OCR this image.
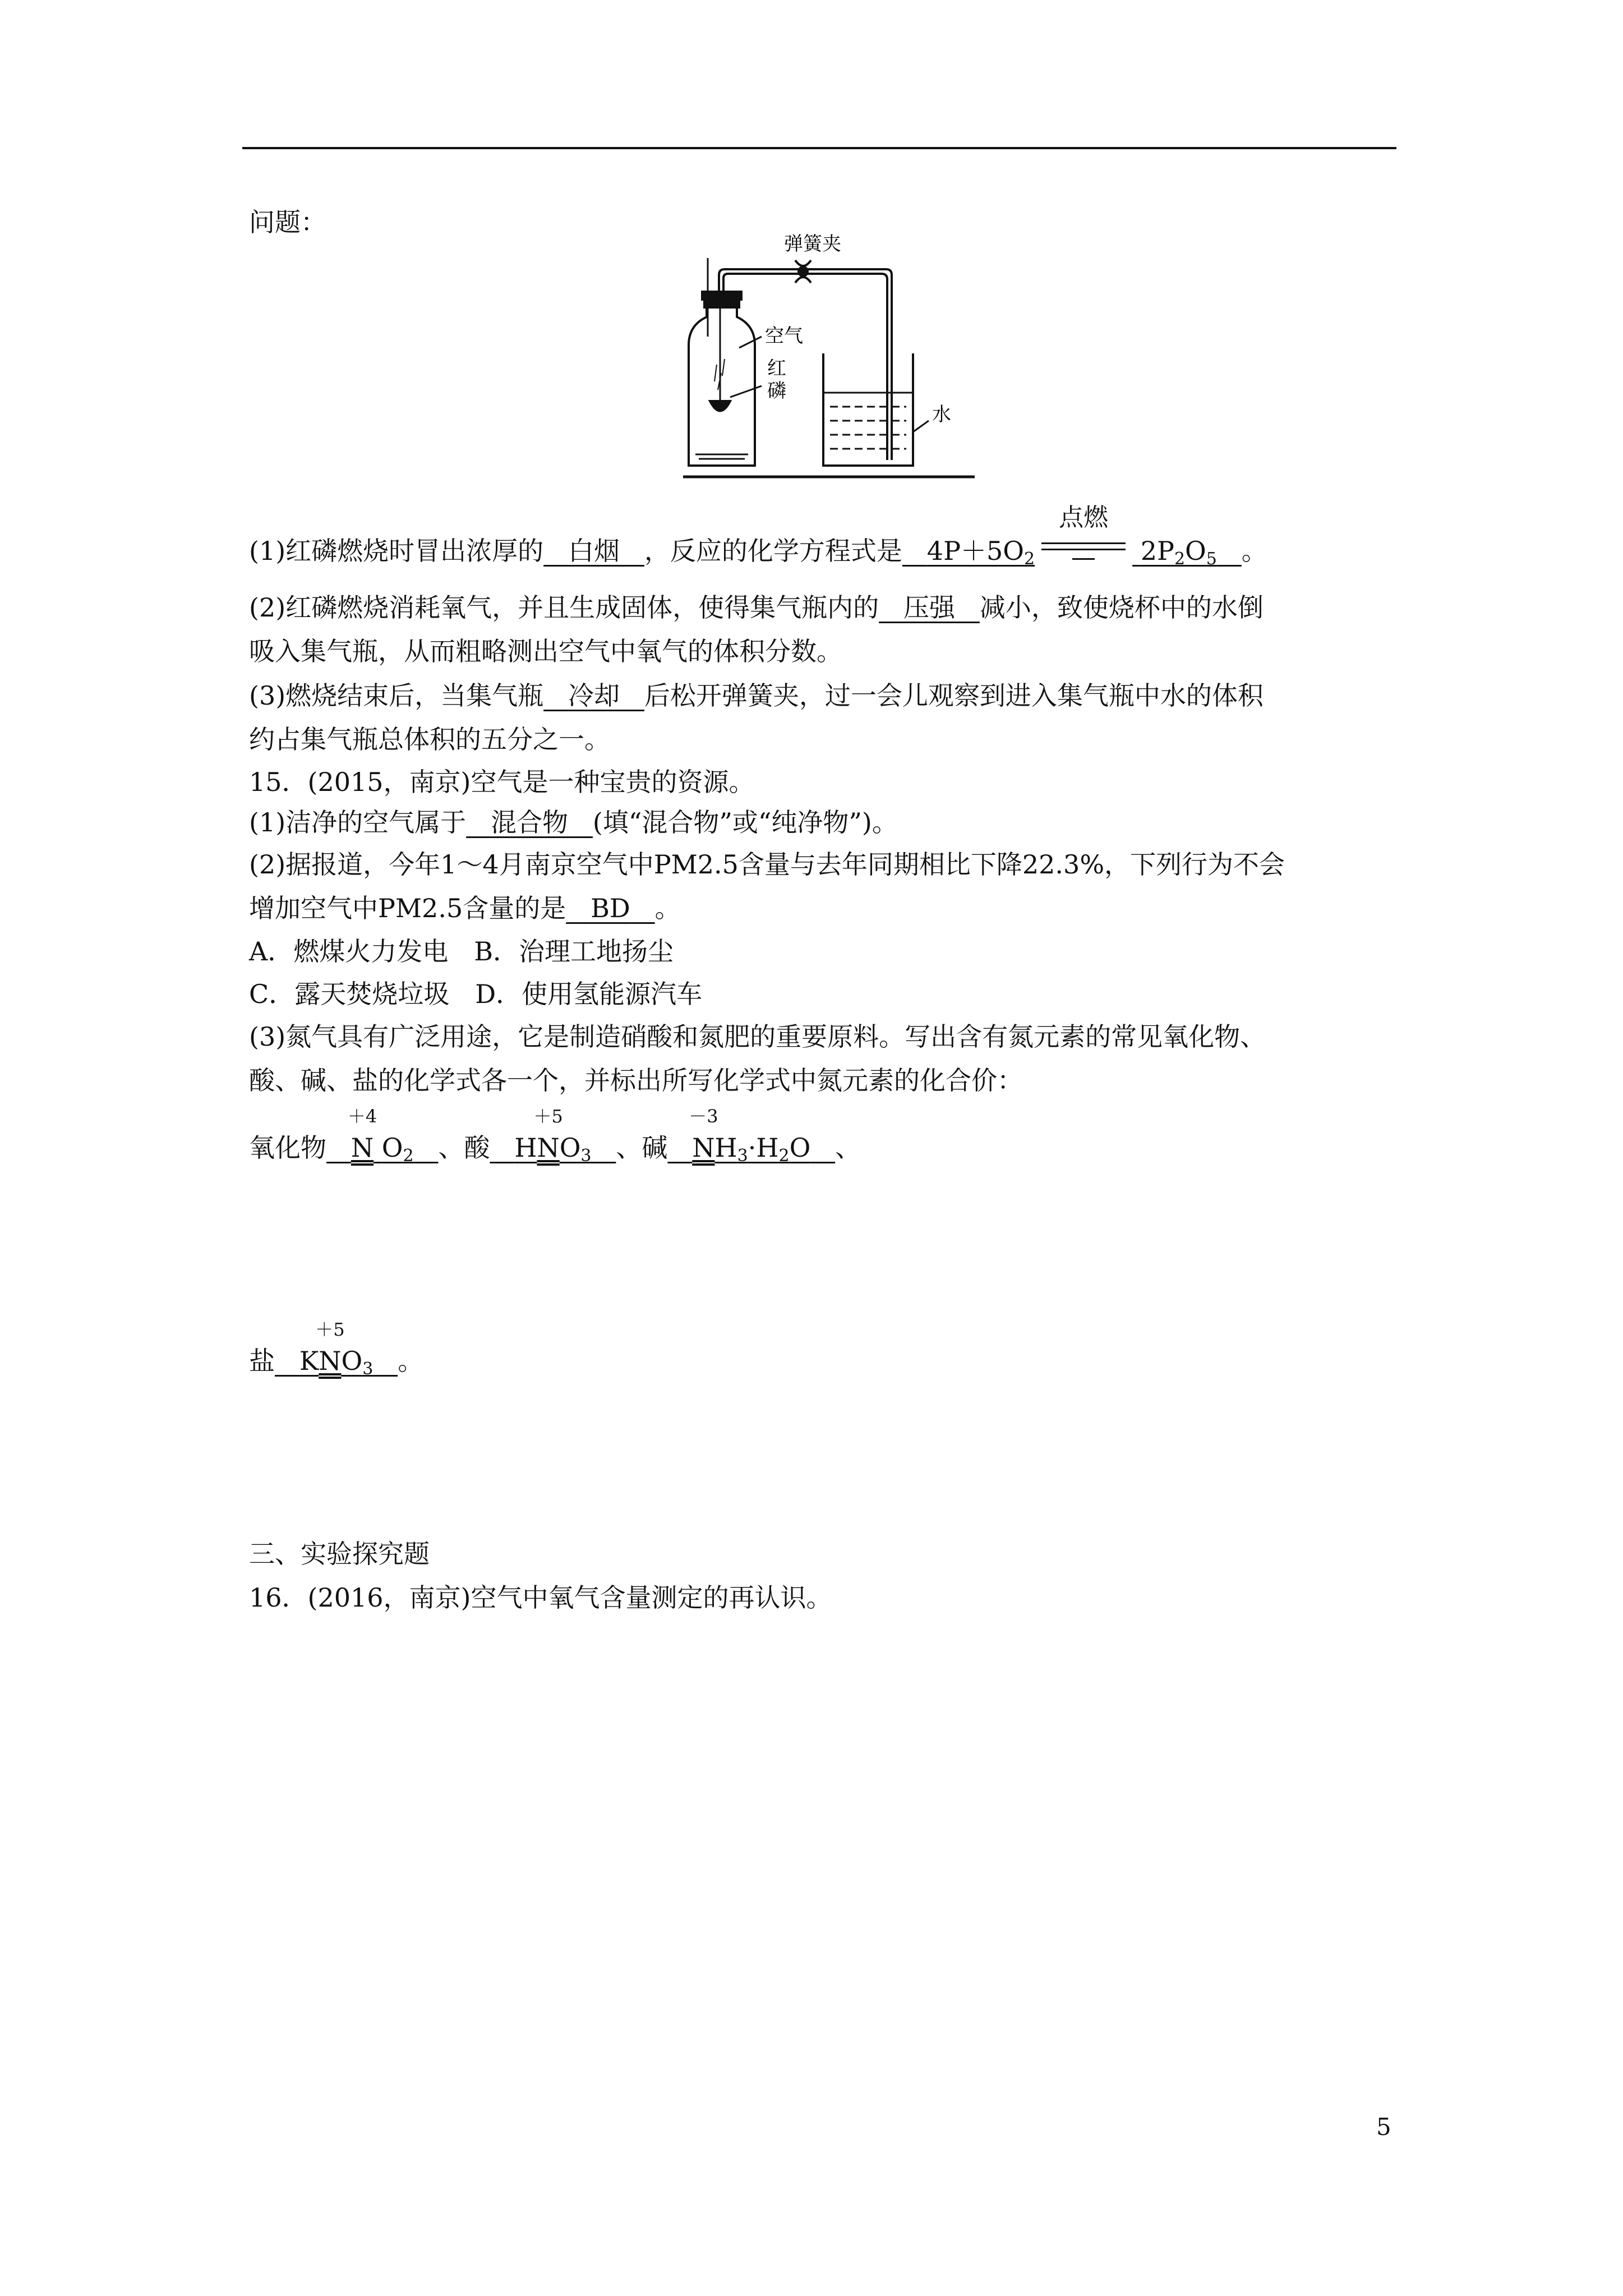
问题：
弹簧夹
空气
红
磷
水
(1)红磷燃烧时冒出浓厚的 白烟 ，反应的化学方程式是 $4P+5O_2$
点燃
$2P_2O_5$ 。
(2)红磷燃烧消耗氧气，并且生成固体，使得集气瓶内的 压强 减小，致使烧杯中的水倒
吸入集气瓶，从而粗略测出空气中氧气的体积分数。
(3)燃烧结束后，当集气瓶 冷却 后松开弹簧夹，过一会儿观察到进入集气瓶中水的体积
约占集气瓶总体积的五分之一。
15．(2015，南京)空气是一种宝贵的资源。
(1)洁净的空气属于 混合物 (填“混合物”或“纯净物”)。
(2)据报道，今年1～4月南京空气中PM2.5含量与去年同期相比下降22.3%，下列行为不会
增加空气中PM2.5含量的是 BD 。
A．燃煤火力发电　 B．治理工地扬尘
C．露天焚烧垃圾　 D．使用氢能源汽车
(3)氮气具有广泛用途，它是制造硝酸和氮肥的重要原料。写出含有氮元素的常见氧化物、
酸、碱、盐的化学式各一个，并标出所写化学式中氮元素的化合价：
氧化物
＋4
N $O_2$ 、酸 H
＋5
$NO_3$ 、碱
－3
$NH_3\cdot H_2O$ 、
盐 K
＋5
$NO_3$ 。
三、实验探究题
16．(2016，南京)空气中氧气含量测定的再认识。
5
